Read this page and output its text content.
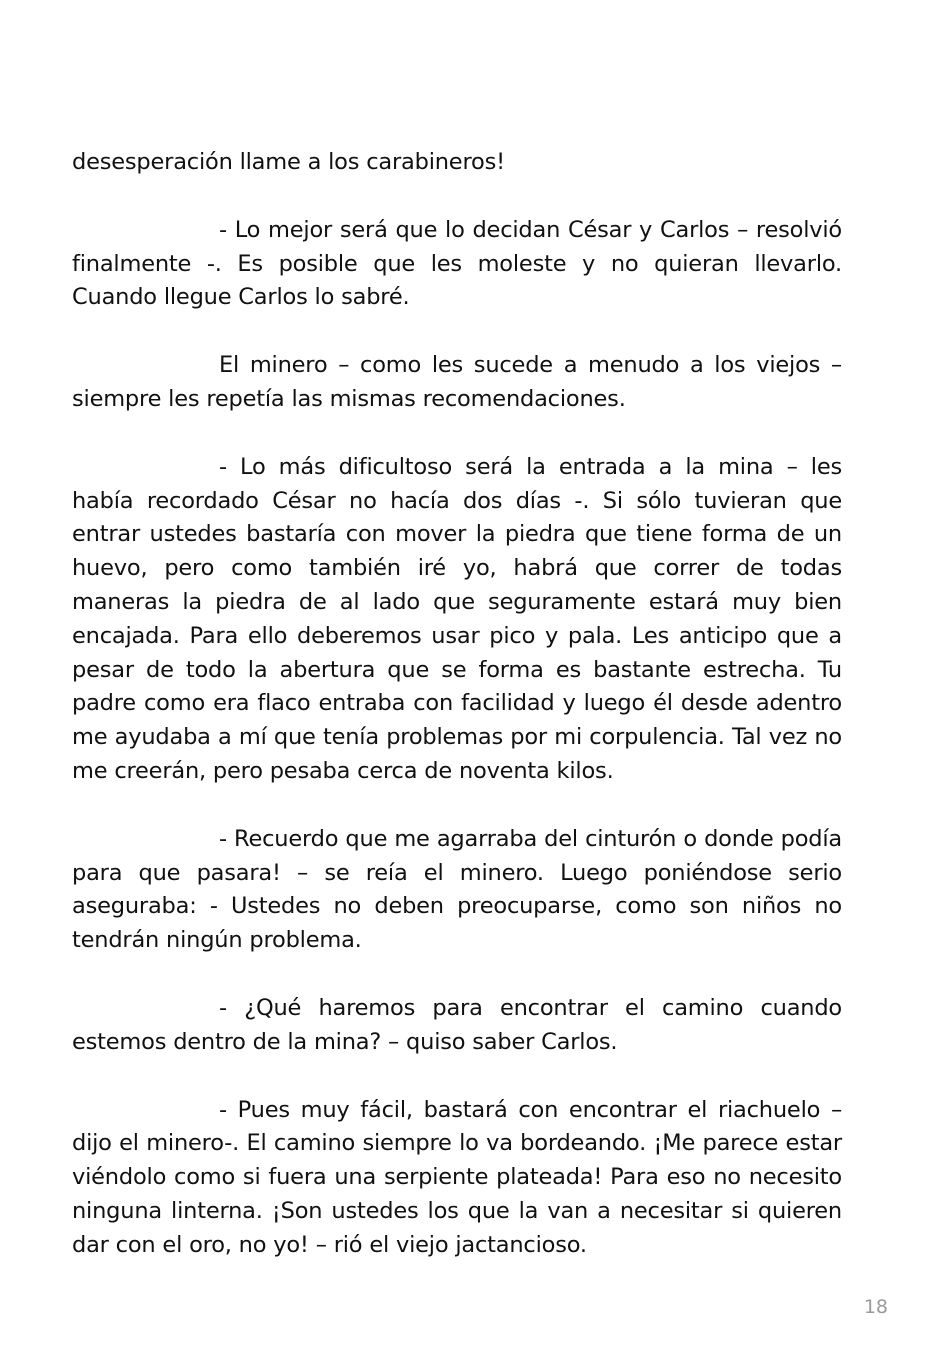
desesperación llame a los carabineros!

- Lo mejor será que lo decidan César y Carlos – resolvió finalmente -. Es posible que les moleste y no quieran llevarlo. Cuando llegue Carlos lo sabré.

El minero – como les sucede a menudo a los viejos – siempre les repetía las mismas recomendaciones.

- Lo más dificultoso será la entrada a la mina – les había recordado César no hacía dos días -. Si sólo tuvieran que entrar ustedes bastaría con mover la piedra que tiene forma de un huevo, pero como también iré yo, habrá que correr de todas maneras la piedra de al lado que seguramente estará muy bien encajada. Para ello deberemos usar pico y pala. Les anticipo que a pesar de todo la abertura que se forma es bastante estrecha. Tu padre como era flaco entraba con facilidad y luego él desde adentro me ayudaba a mí que tenía problemas por mi corpulencia. Tal vez no me creerán, pero pesaba cerca de noventa kilos.

- Recuerdo que me agarraba del cinturón o donde podía para que pasara! – se reía el minero. Luego poniéndose serio aseguraba: - Ustedes no deben preocuparse, como son niños no tendrán ningún problema.

- ¿Qué haremos para encontrar el camino cuando estemos dentro de la mina? – quiso saber Carlos.

- Pues muy fácil, bastará con encontrar el riachuelo – dijo el minero-. El camino siempre lo va bordeando. ¡Me parece estar viéndolo como si fuera una serpiente plateada! Para eso no necesito ninguna linterna. ¡Son ustedes los que la van a necesitar si quieren dar con el oro, no yo! – rió el viejo jactancioso.

18
